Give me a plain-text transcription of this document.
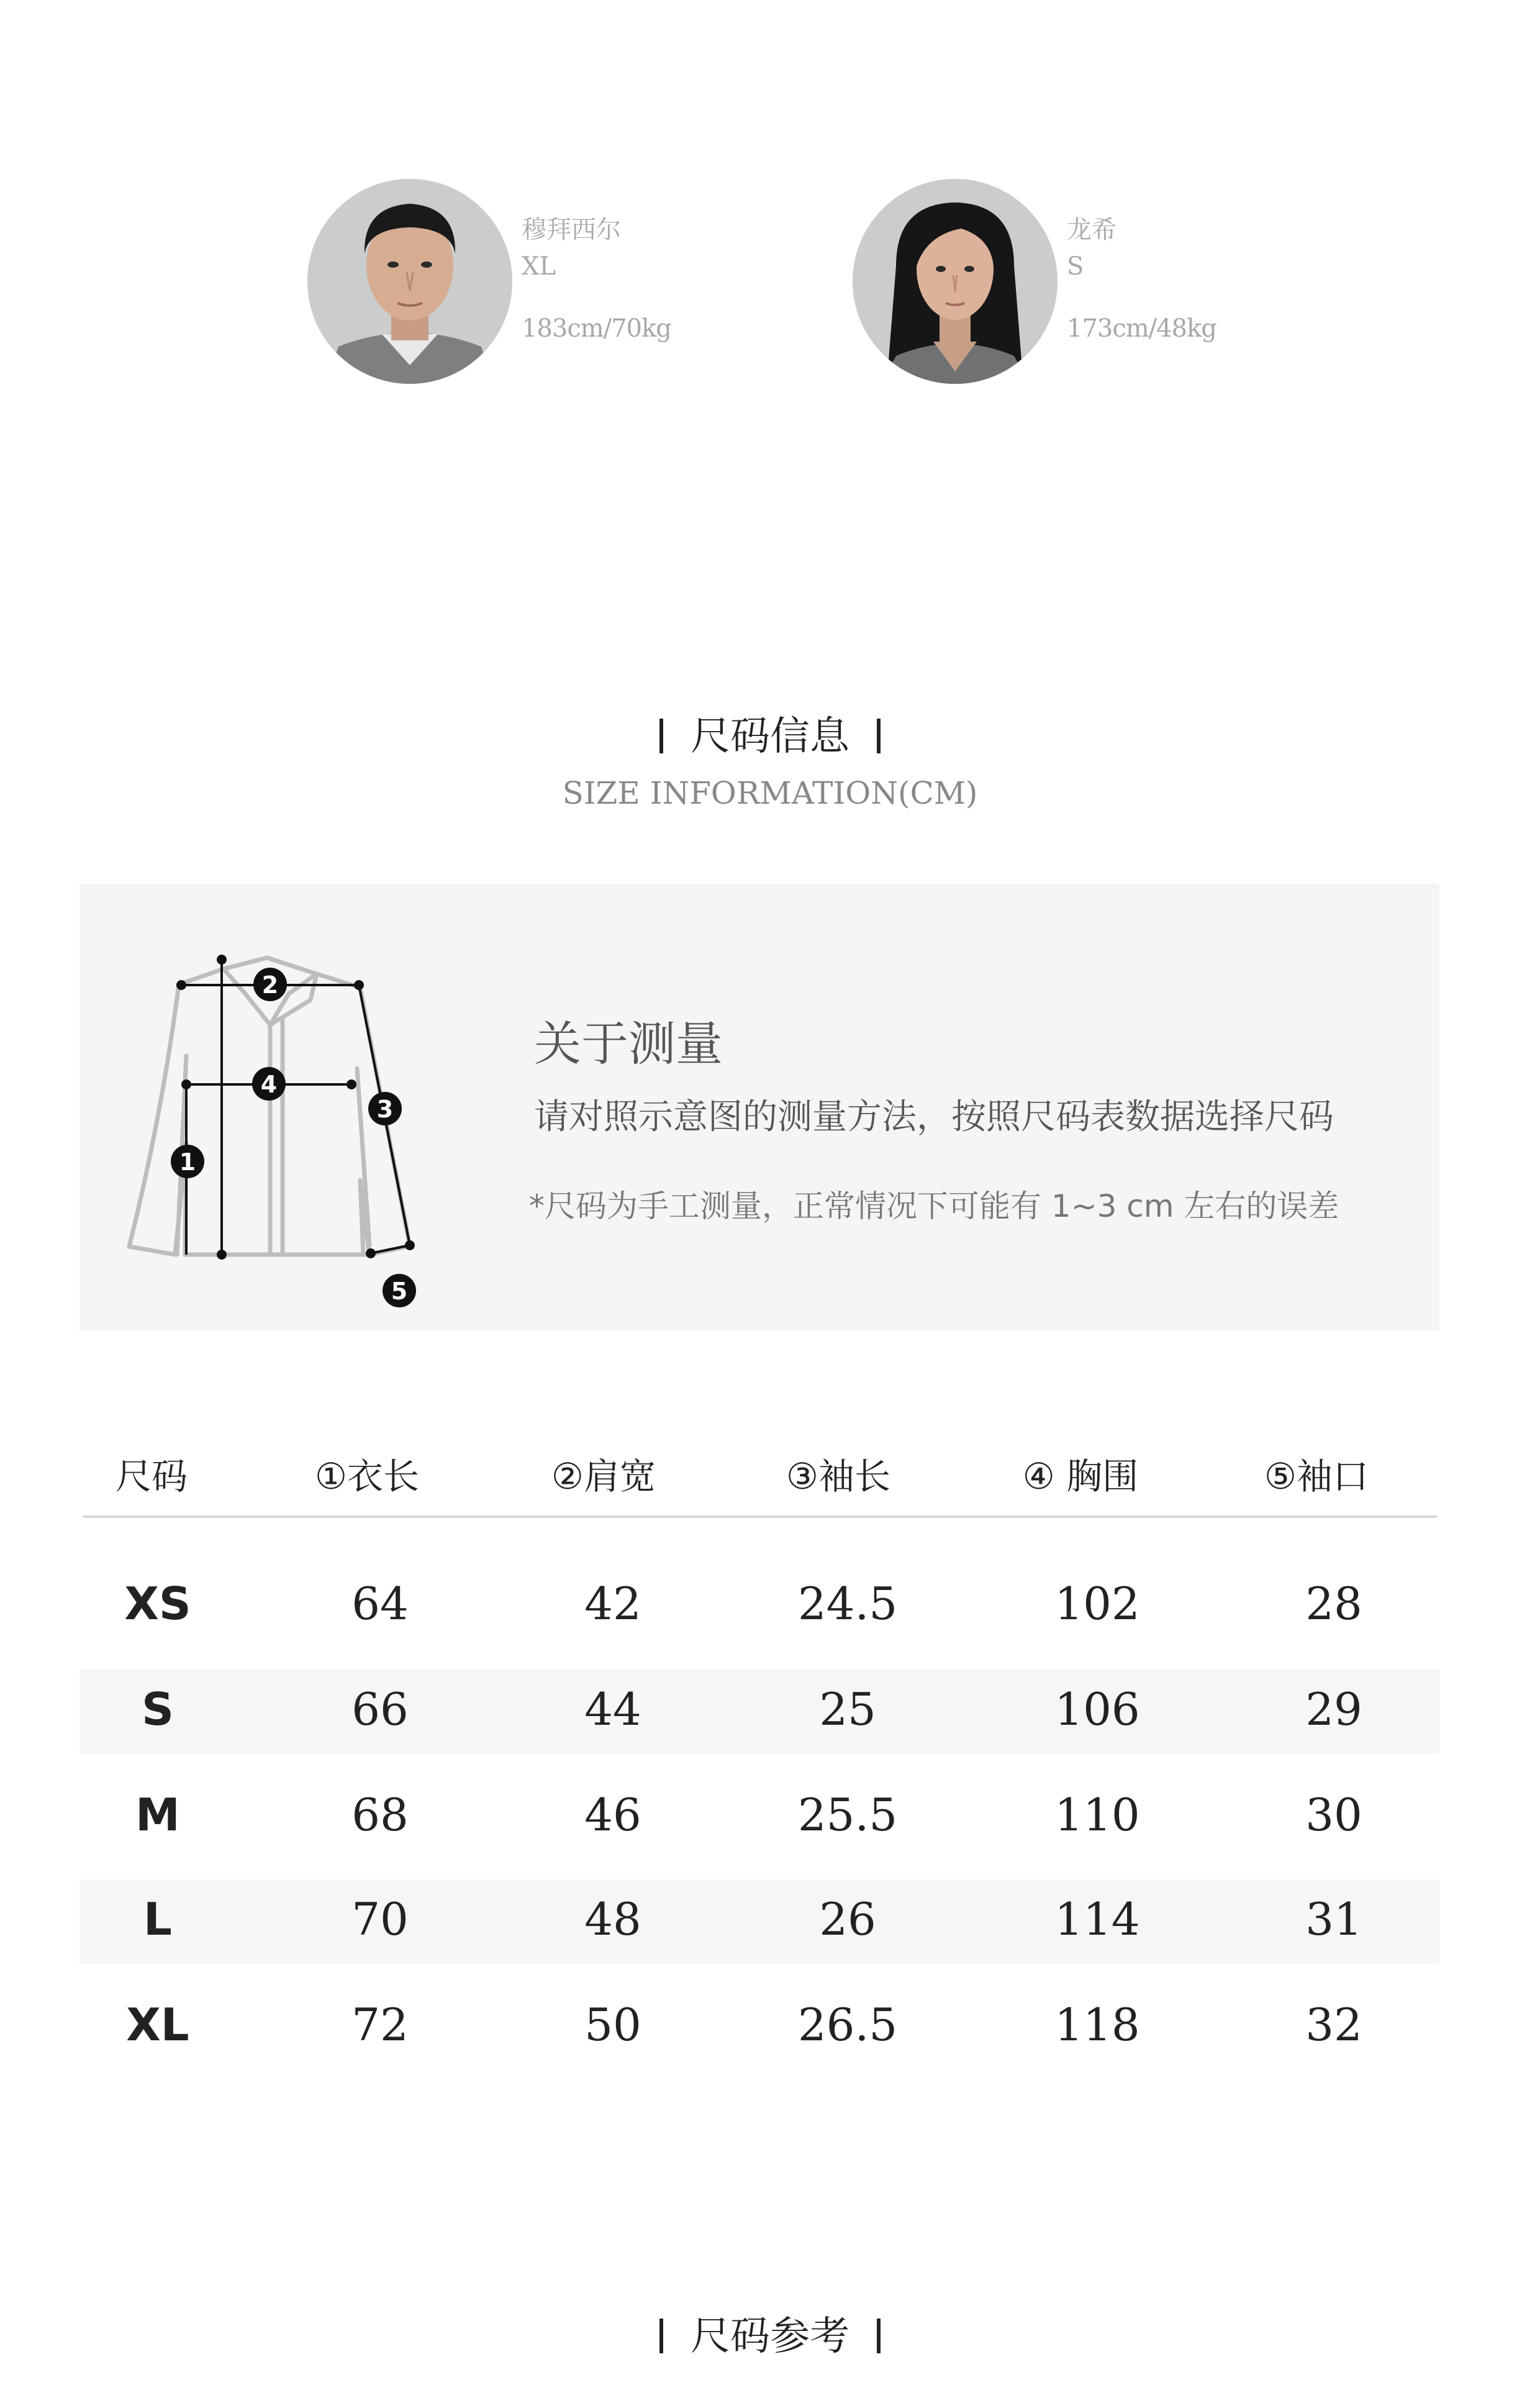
穆拜西尔
XL
183cm/70kg
龙希
S
173cm/48kg
尺码信息
SIZE INFORMATION(CM)
1
2
3
4
5
关于测量
请对照示意图的测量方法，按照尺码表数据选择尺码
*尺码为手工测量，正常情况下可能有 1~3 cm 左右的误差
尺码	①衣长	②肩宽	③袖长	④ 胸围	⑤袖口
XS	64	42	24.5	102	28
S	66	44	25	106	29
M	68	46	25.5	110	30
L	70	48	26	114	31
XL	72	50	26.5	118	32
尺码参考
